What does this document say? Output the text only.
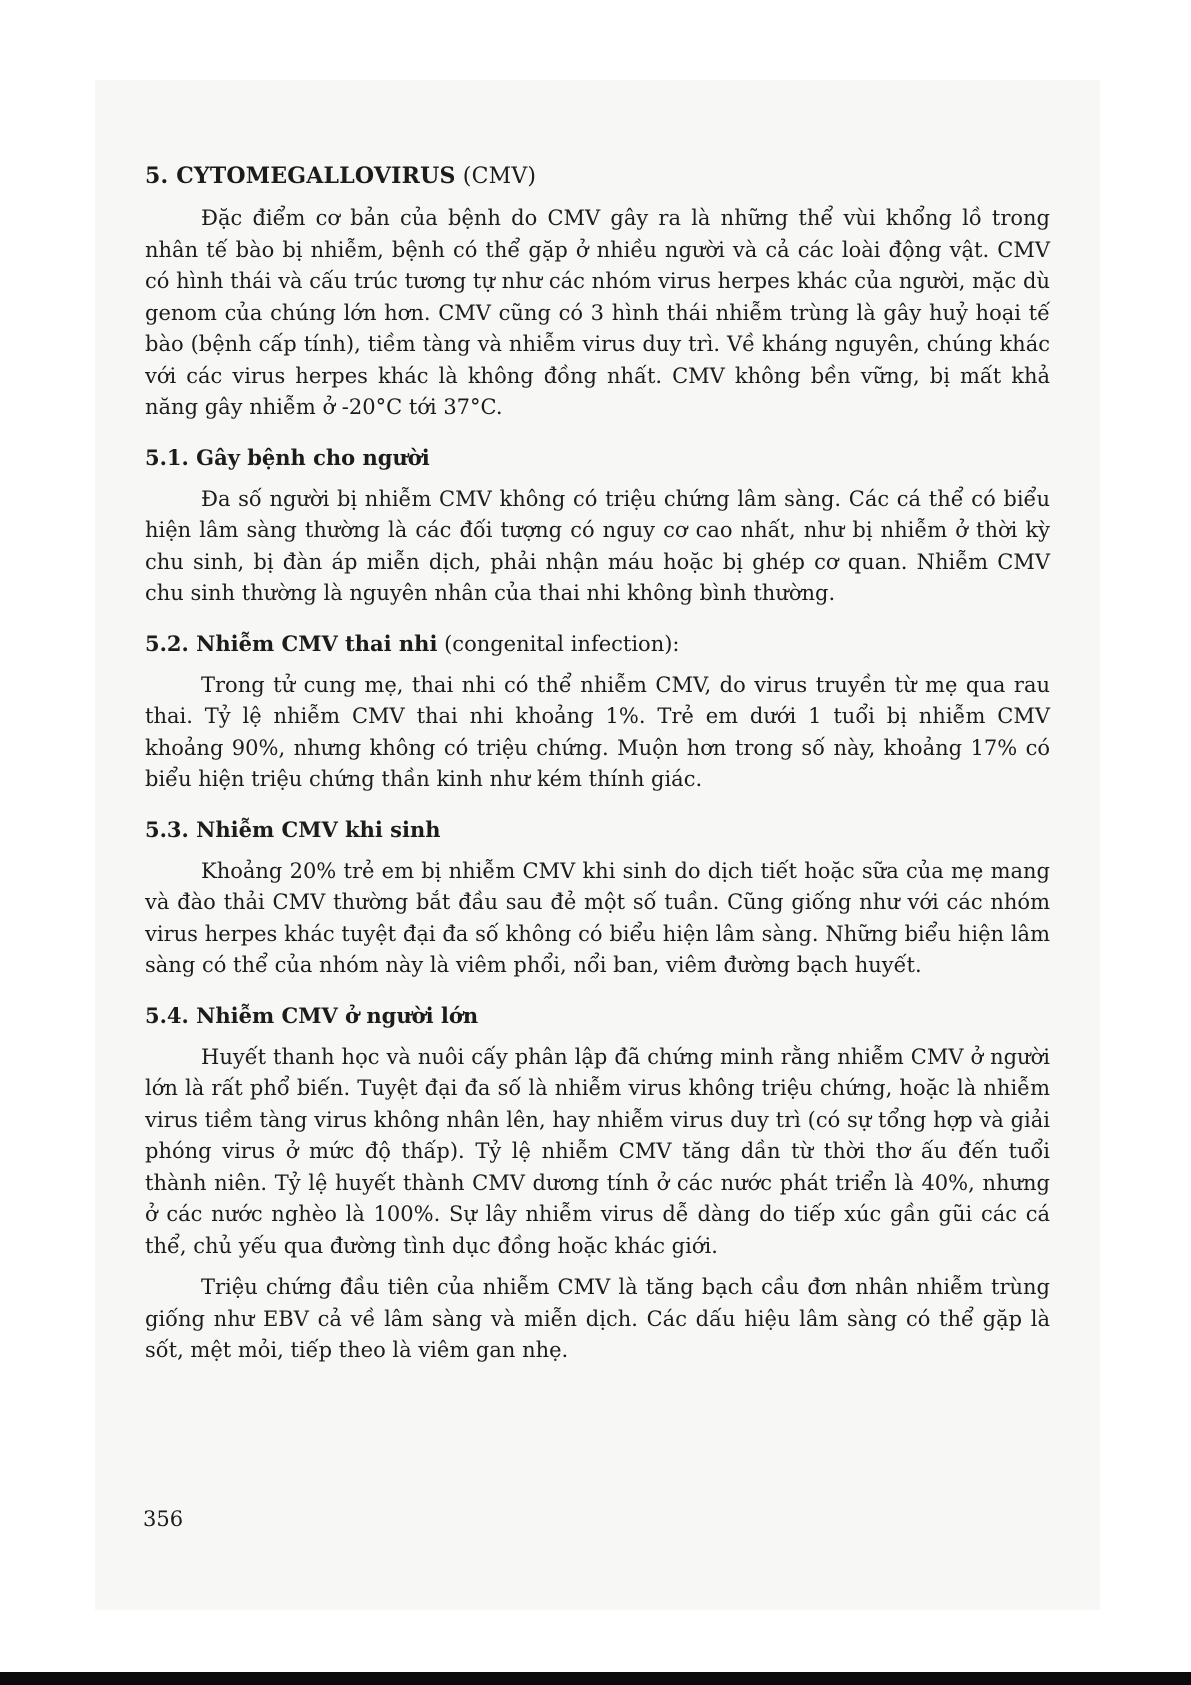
5. CYTOMEGALLOVIRUS (CMV)

Đặc điểm cơ bản của bệnh do CMV gây ra là những thể vùi khổng lồ trong nhân tế bào bị nhiễm, bệnh có thể gặp ở nhiều người và cả các loài động vật. CMV có hình thái và cấu trúc tương tự như các nhóm virus herpes khác của người, mặc dù genom của chúng lớn hơn. CMV cũng có 3 hình thái nhiễm trùng là gây huỷ hoại tế bào (bệnh cấp tính), tiềm tàng và nhiễm virus duy trì. Về kháng nguyên, chúng khác với các virus herpes khác là không đồng nhất. CMV không bền vững, bị mất khả năng gây nhiễm ở -20°C tới 37°C.

5.1. Gây bệnh cho người

Đa số người bị nhiễm CMV không có triệu chứng lâm sàng. Các cá thể có biểu hiện lâm sàng thường là các đối tượng có nguy cơ cao nhất, như bị nhiễm ở thời kỳ chu sinh, bị đàn áp miễn dịch, phải nhận máu hoặc bị ghép cơ quan. Nhiễm CMV chu sinh thường là nguyên nhân của thai nhi không bình thường.

5.2. Nhiễm CMV thai nhi (congenital infection):

Trong tử cung mẹ, thai nhi có thể nhiễm CMV, do virus truyền từ mẹ qua rau thai. Tỷ lệ nhiễm CMV thai nhi khoảng 1%. Trẻ em dưới 1 tuổi bị nhiễm CMV khoảng 90%, nhưng không có triệu chứng. Muộn hơn trong số này, khoảng 17% có biểu hiện triệu chứng thần kinh như kém thính giác.

5.3. Nhiễm CMV khi sinh

Khoảng 20% trẻ em bị nhiễm CMV khi sinh do dịch tiết hoặc sữa của mẹ mang và đào thải CMV thường bắt đầu sau đẻ một số tuần. Cũng giống như với các nhóm virus herpes khác tuyệt đại đa số không có biểu hiện lâm sàng. Những biểu hiện lâm sàng có thể của nhóm này là viêm phổi, nổi ban, viêm đường bạch huyết.

5.4. Nhiễm CMV ở người lớn

Huyết thanh học và nuôi cấy phân lập đã chứng minh rằng nhiễm CMV ở người lớn là rất phổ biến. Tuyệt đại đa số là nhiễm virus không triệu chứng, hoặc là nhiễm virus tiềm tàng virus không nhân lên, hay nhiễm virus duy trì (có sự tổng hợp và giải phóng virus ở mức độ thấp). Tỷ lệ nhiễm CMV tăng dần từ thời thơ ấu đến tuổi thành niên. Tỷ lệ huyết thành CMV dương tính ở các nước phát triển là 40%, nhưng ở các nước nghèo là 100%. Sự lây nhiễm virus dễ dàng do tiếp xúc gần gũi các cá thể, chủ yếu qua đường tình dục đồng hoặc khác giới.

Triệu chứng đầu tiên của nhiễm CMV là tăng bạch cầu đơn nhân nhiễm trùng giống như EBV cả về lâm sàng và miễn dịch. Các dấu hiệu lâm sàng có thể gặp là sốt, mệt mỏi, tiếp theo là viêm gan nhẹ.

356
